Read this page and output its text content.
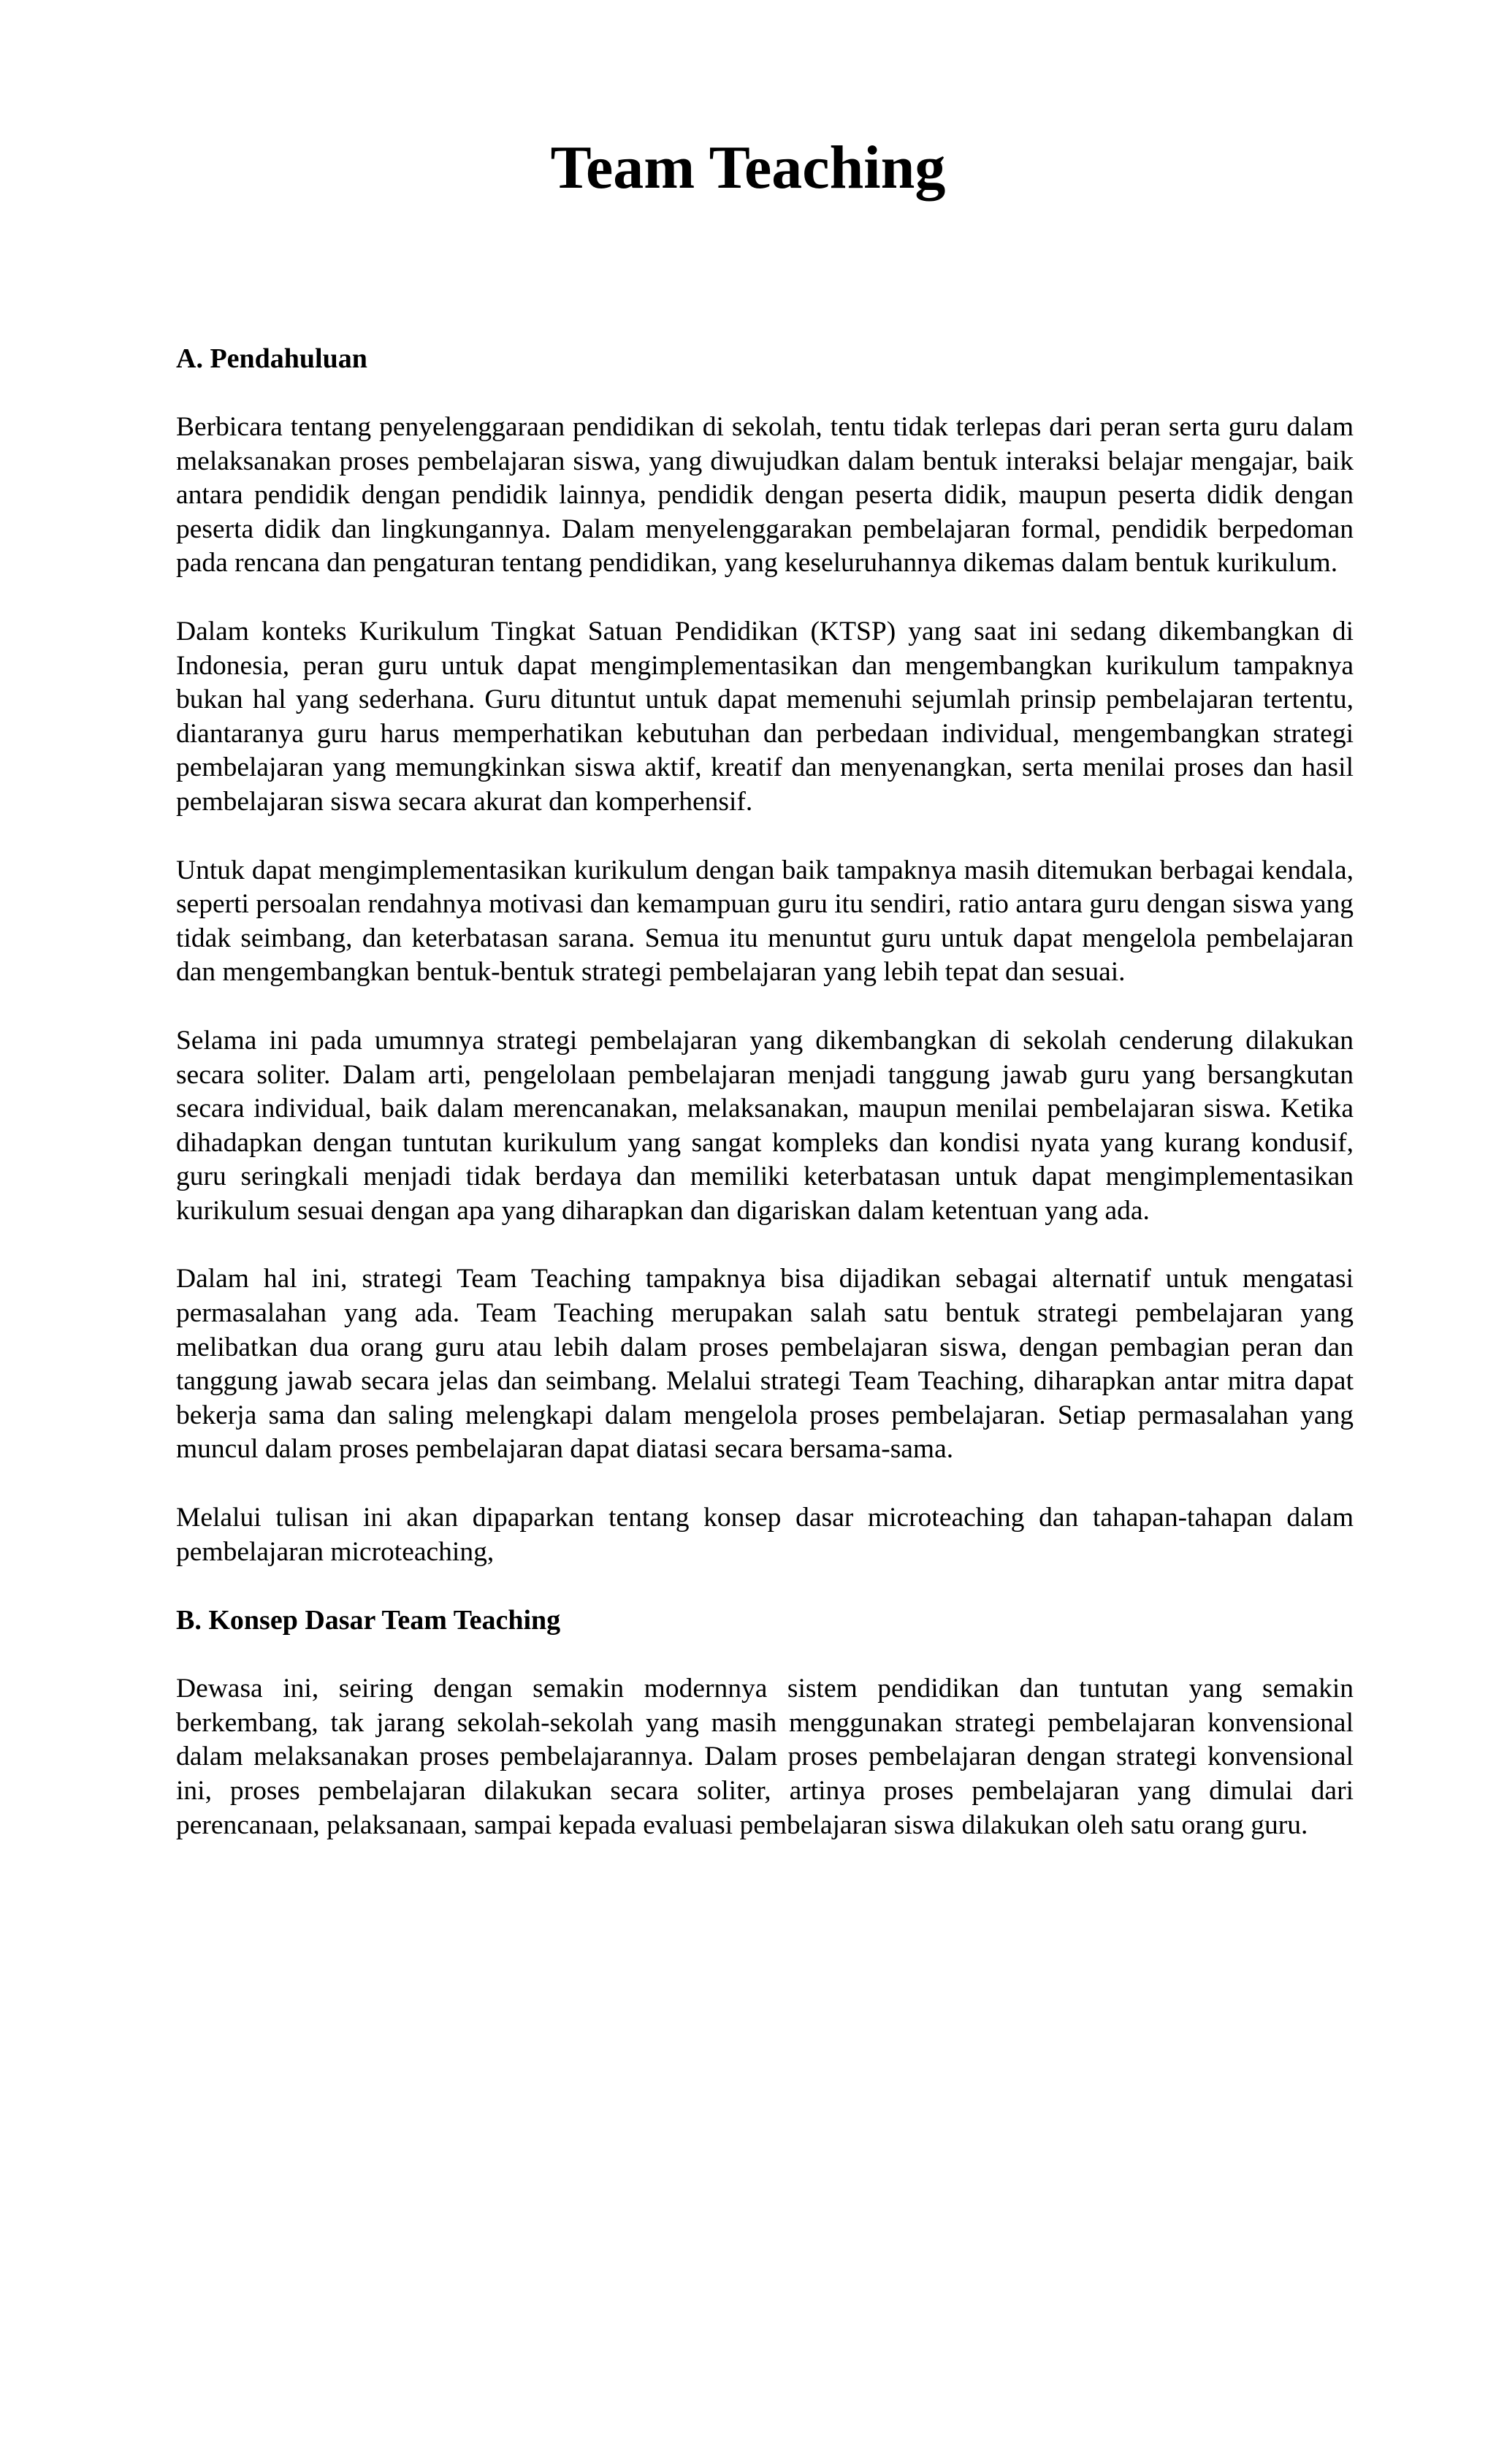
Team Teaching
A. Pendahuluan

Berbicara tentang penyelenggaraan pendidikan di sekolah, tentu tidak terlepas dari peran serta guru dalam melaksanakan proses pembelajaran siswa, yang diwujudkan dalam bentuk interaksi belajar mengajar, baik antara pendidik dengan pendidik lainnya, pendidik dengan peserta didik, maupun peserta didik dengan peserta didik dan lingkungannya. Dalam menyelenggarakan pembelajaran formal, pendidik berpedoman pada rencana dan pengaturan tentang pendidikan, yang keseluruhannya dikemas dalam bentuk kurikulum.

Dalam konteks Kurikulum Tingkat Satuan Pendidikan (KTSP) yang saat ini sedang dikembangkan di Indonesia, peran guru untuk dapat mengimplementasikan dan mengembangkan kurikulum tampaknya bukan hal yang sederhana. Guru dituntut untuk dapat memenuhi sejumlah prinsip pembelajaran tertentu, diantaranya guru harus memperhatikan kebutuhan dan perbedaan individual, mengembangkan strategi pembelajaran yang memungkinkan siswa aktif, kreatif dan menyenangkan, serta menilai proses dan hasil pembelajaran siswa secara akurat dan komperhensif.

Untuk dapat mengimplementasikan kurikulum dengan baik tampaknya masih ditemukan berbagai kendala, seperti persoalan rendahnya motivasi dan kemampuan guru itu sendiri, ratio antara guru dengan siswa yang tidak seimbang, dan keterbatasan sarana. Semua itu menuntut guru untuk dapat mengelola pembelajaran dan mengembangkan bentuk-bentuk strategi pembelajaran yang lebih tepat dan sesuai.

Selama ini pada umumnya strategi pembelajaran yang dikembangkan di sekolah cenderung dilakukan secara soliter. Dalam arti, pengelolaan pembelajaran menjadi tanggung jawab guru yang bersangkutan secara individual, baik dalam merencanakan, melaksanakan, maupun menilai pembelajaran siswa. Ketika dihadapkan dengan tuntutan kurikulum yang sangat kompleks dan kondisi nyata yang kurang kondusif, guru seringkali menjadi tidak berdaya dan memiliki keterbatasan untuk dapat mengimplementasikan kurikulum sesuai dengan apa yang diharapkan dan digariskan dalam ketentuan yang ada.

Dalam hal ini, strategi Team Teaching tampaknya bisa dijadikan sebagai alternatif untuk mengatasi permasalahan yang ada. Team Teaching merupakan salah satu bentuk strategi pembelajaran yang melibatkan dua orang guru atau lebih dalam proses pembelajaran siswa, dengan pembagian peran dan tanggung jawab secara jelas dan seimbang. Melalui strategi Team Teaching, diharapkan antar mitra dapat bekerja sama dan saling melengkapi dalam mengelola proses pembelajaran. Setiap permasalahan yang muncul dalam proses pembelajaran dapat diatasi secara bersama-sama.

Melalui tulisan ini akan dipaparkan tentang konsep dasar microteaching dan tahapan-tahapan dalam pembelajaran microteaching,

B. Konsep Dasar Team Teaching

Dewasa ini, seiring dengan semakin modernnya sistem pendidikan dan tuntutan yang semakin berkembang, tak jarang sekolah-sekolah yang masih menggunakan strategi pembelajaran konvensional dalam melaksanakan proses pembelajarannya. Dalam proses pembelajaran dengan strategi konvensional ini, proses pembelajaran dilakukan secara soliter, artinya proses pembelajaran yang dimulai dari perencanaan, pelaksanaan, sampai kepada evaluasi pembelajaran siswa dilakukan oleh satu orang guru.
